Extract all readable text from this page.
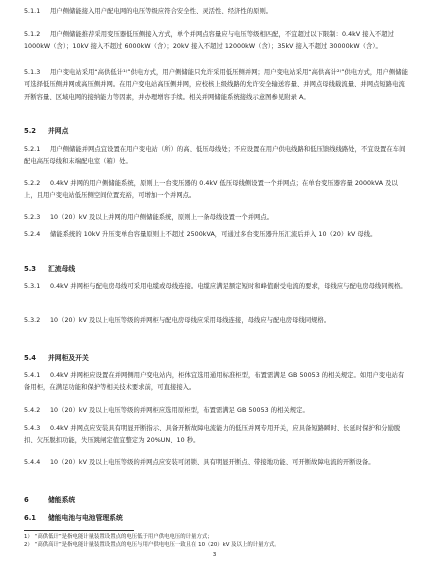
5.1.1 用户侧储能接入用户配电网的电压等级应符合安全性、灵活性、经济性的原则。

5.1.2 用户侧储能推荐采用变压器低压侧接入方式，单个并网点容量应与电压等级相匹配，不宜超过以下限制：0.4kV 接入不超过 1000kW（含）；10kV 接入不超过 6000kW（含）；20kV 接入不超过 12000kW（含）；35kV 接入不超过 30000kW（含）。

5.1.3 用户变电站采用“高供低计¹⁾”供电方式，用户侧储能只允许采用低压侧并网；用户变电站采用“高供高计²⁾”供电方式，用户侧储能可选择低压侧并网或高压侧并网。在用户变电站高压侧并网，应校核上级线路的允许安全输送容量、并网点母线载流量、并网点短路电流开断容量、区域电网的接纳能力等因素，并办理增容手续。相关并网储能系统接线示意图参见附录 A。

5.2 并网点

5.2.1 用户侧储能并网点宜设置在用户变电站（所）的高、低压母线处；不应设置在用户供电线路和低压馈线线路处，不宜设置在车间配电高压母线和末端配电室（箱）处。

5.2.2 0.4kV 并网的用户侧储能系统，原则上一台变压器的 0.4kV 低压母线侧设置一个并网点；在单台变压器容量 2000kVA 及以上，且用户变电站低压侧空间位置充裕，可增加一个并网点。

5.2.3 10（20）kV 及以上并网的用户侧储能系统，原则上一条母线设置一个并网点。

5.2.4 储能系统的 10kV 升压变单台容量原则上不超过 2500kVA，可通过多台变压器升压汇流后并入 10（20）kV 母线。

5.3 汇流母线

5.3.1 0.4kV 并网柜与配电房母线可采用电缆或母线连接。电缆应满足额定短时和峰值耐受电流的要求，母线应与配电房母线同规格。

5.3.2 10（20）kV 及以上电压等级的并网柜与配电房母线应采用母线连接，母线应与配电房母线同规格。

5.4 并网柜及开关

5.4.1 0.4kV 并网柜应设置在并网侧用户变电站内，柜体宜选用通用标准柜型，布置需满足 GB 50053 的相关规定。如用户变电站有备用柜，在满足功能和保护等相关技术要求前，可直接接入。

5.4.2 10（20）kV 及以上电压等级的并网柜应选用原柜型，布置需满足 GB 50053 的相关规定。

5.4.3 0.4kV 并网点应安装具有明显开断指示、具备开断故障电流能力的低压并网专用开关，应具备短路瞬时、长延时保护和分励脱扣、欠压脱扣功能，失压跳闸定值宜整定为 20%UN、10 秒。

5.4.4 10（20）kV 及以上电压等级的并网点应安装可闭锁、具有明显开断点、带接地功能、可开断故障电流的开断设备。

6	储能系统
6.1 储能电池与电池管理系统
1） “高供低计”是指电能计量装置设置点的电压低于用户供电电压的计量方式；
2） “高供高计”是指电能计量装置设置点的电压与用户供电电压一致且在 10（20）kV 及以上的计量方式。
3
